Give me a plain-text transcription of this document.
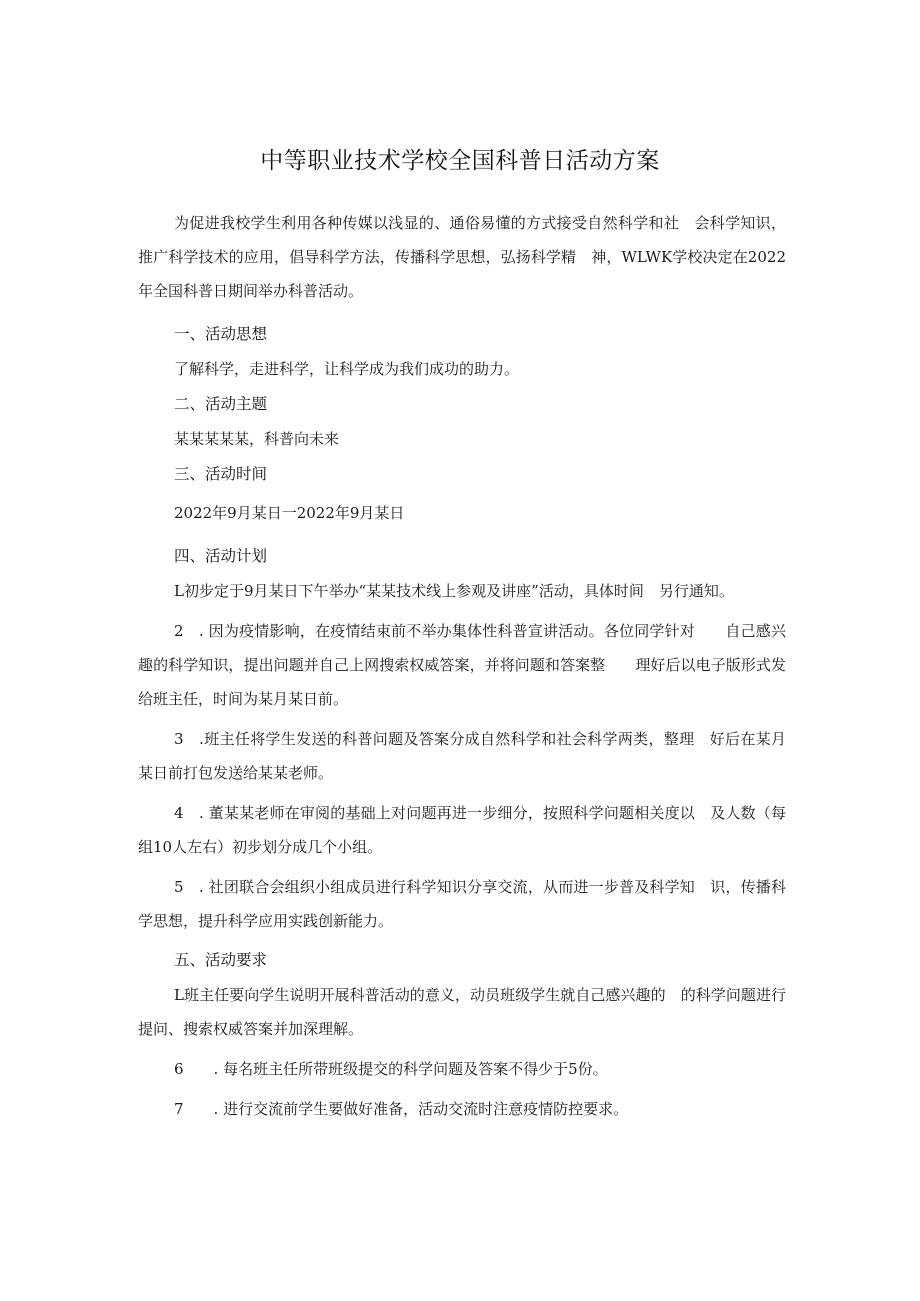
中等职业技术学校全国科普日活动方案

为促进我校学生利用各种传媒以浅显的、通俗易懂的方式接受自然科学和社　会科学知识，推广科学技术的应用，倡导科学方法，传播科学思想，弘扬科学精　神，WLWK学校决定在2022年全国科普日期间举办科普活动。

一、活动思想

了解科学，走进科学，让科学成为我们成功的助力。

二、活动主题

某某某某某，科普向未来

三、活动时间

2022年9月某日一2022年9月某日

四、活动计划

L初步定于9月某日下午举办“某某技术线上参观及讲座”活动，具体时间　另行通知。

2　. 因为疫情影响，在疫情结束前不举办集体性科普宣讲活动。各位同学针对　　自己感兴趣的科学知识，提出问题并自己上网搜索权威答案，并将问题和答案整　　理好后以电子版形式发给班主任，时间为某月某日前。

3　.班主任将学生发送的科普问题及答案分成自然科学和社会科学两类，整理　好后在某月某日前打包发送给某某老师。

4　. 董某某老师在审阅的基础上对问题再进一步细分，按照科学问题相关度以　及人数（每组10人左右）初步划分成几个小组。

5　. 社团联合会组织小组成员进行科学知识分享交流，从而进一步普及科学知　识，传播科学思想，提升科学应用实践创新能力。

五、活动要求

L班主任要向学生说明开展科普活动的意义，动员班级学生就自己感兴趣的　的科学问题进行提问、搜索权威答案并加深理解。

6　　. 每名班主任所带班级提交的科学问题及答案不得少于5份。

7　　. 进行交流前学生要做好准备，活动交流时注意疫情防控要求。
